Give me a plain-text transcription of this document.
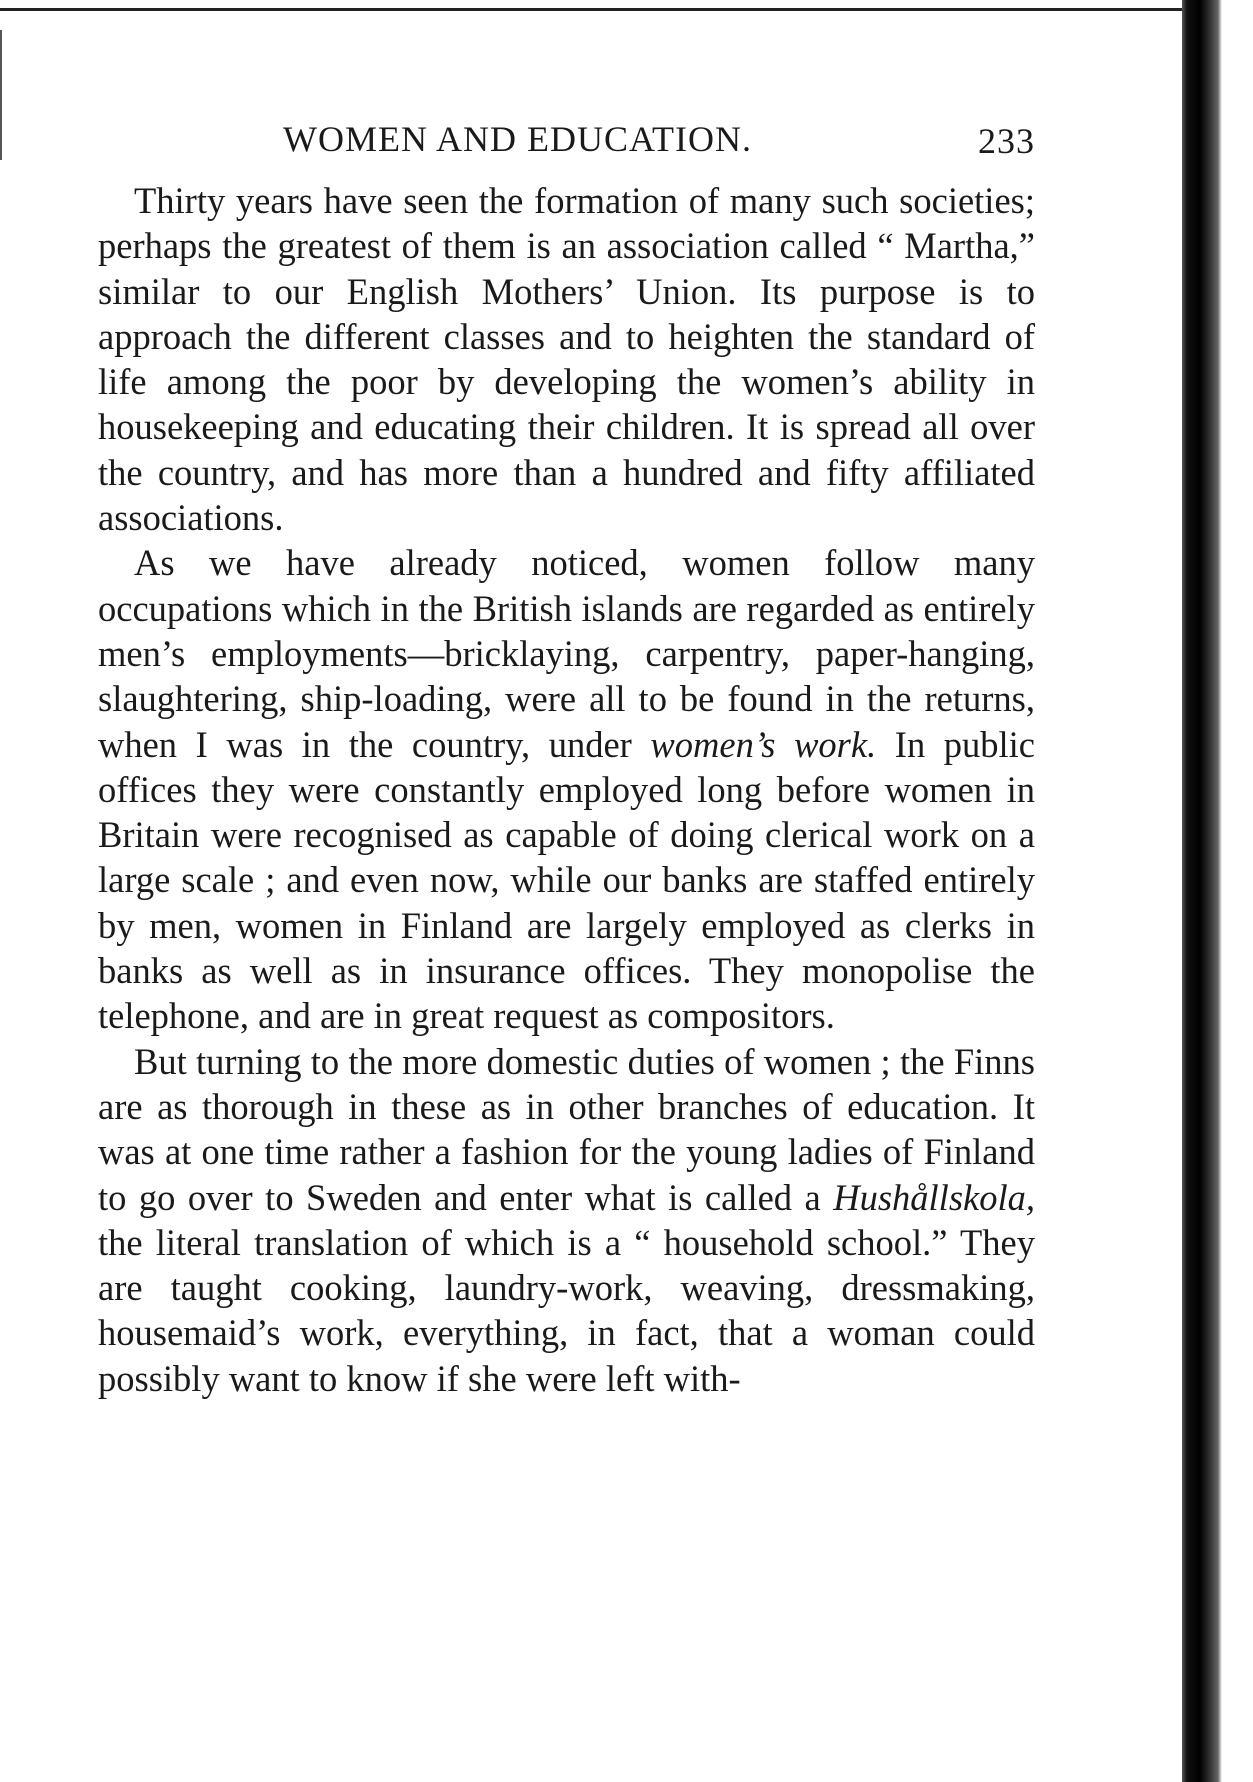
WOMEN AND EDUCATION.	233

Thirty years have seen the formation of many such societies; perhaps the greatest of them is an association called “ Martha,” similar to our English Mothers’ Union. Its purpose is to approach the different classes and to heighten the standard of life among the poor by developing the women’s ability in housekeeping and educating their children. It is spread all over the country, and has more than a hundred and fifty affiliated associations.

As we have already noticed, women follow many occupations which in the British islands are regarded as entirely men’s employments—bricklaying, carpentry, paper-hanging, slaughtering, ship-loading, were all to be found in the returns, when I was in the country, under women’s work. In public offices they were constantly employed long before women in Britain were recognised as capable of doing clerical work on a large scale ; and even now, while our banks are staffed entirely by men, women in Finland are largely employed as clerks in banks as well as in insurance offices. They monopolise the telephone, and are in great request as compositors.

But turning to the more domestic duties of women ; the Finns are as thorough in these as in other branches of education. It was at one time rather a fashion for the young ladies of Finland to go over to Sweden and enter what is called a Hushållskola, the literal translation of which is a “ household school.” They are taught cooking, laundry-work, weaving, dressmaking, housemaid’s work, everything, in fact, that a woman could possibly want to know if she were left with-
